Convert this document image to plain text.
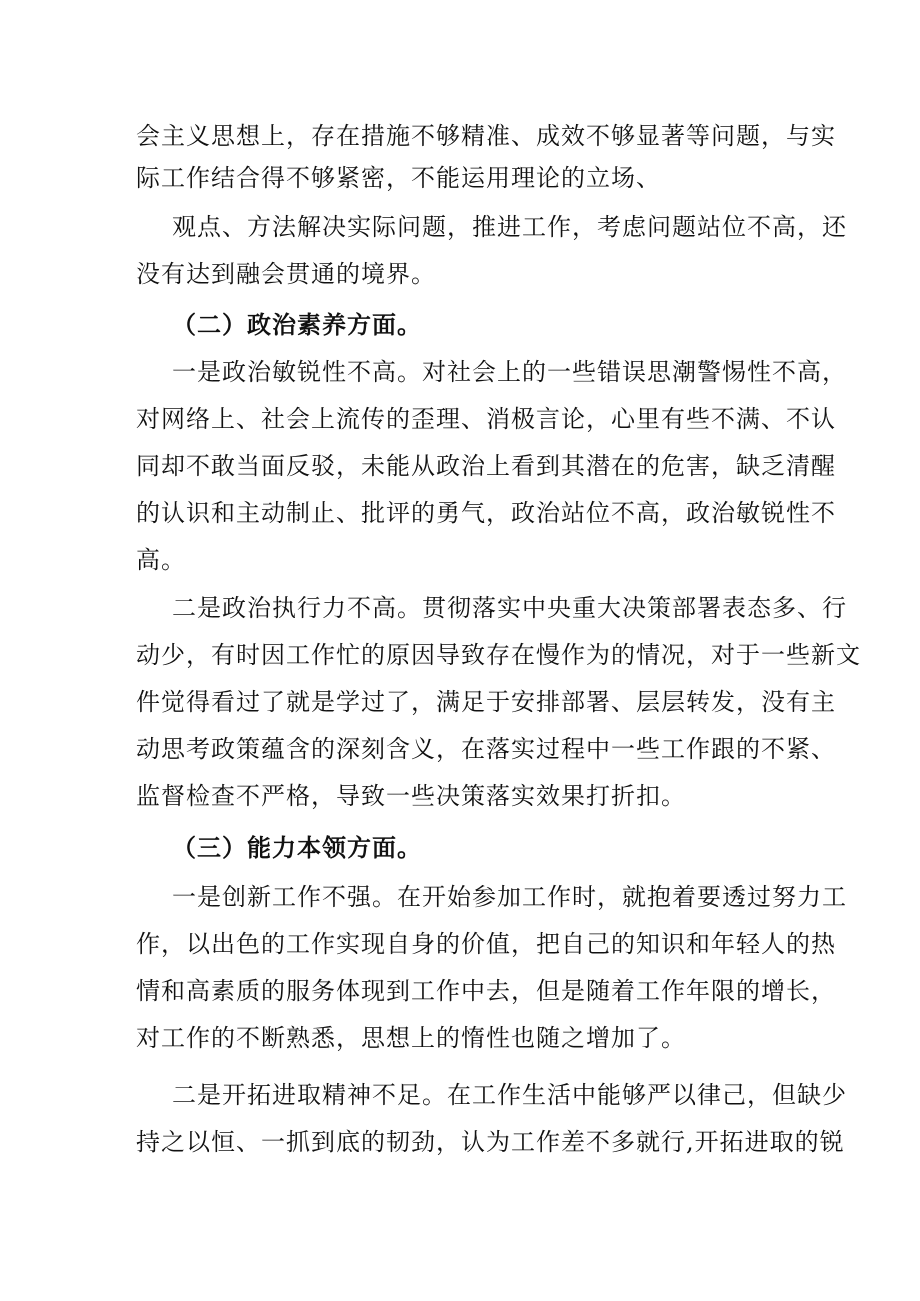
会主义思想上，存在措施不够精准、成效不够显著等问题，与实
际工作结合得不够紧密，不能运用理论的立场、
观点、方法解决实际问题，推进工作，考虑问题站位不高，还
没有达到融会贯通的境界。
（二）政治素养方面。
一是政治敏锐性不高。对社会上的一些错误思潮警惕性不高，
对网络上、社会上流传的歪理、消极言论，心里有些不满、不认
同却不敢当面反驳，未能从政治上看到其潜在的危害，缺乏清醒
的认识和主动制止、批评的勇气，政治站位不高，政治敏锐性不
高。
二是政治执行力不高。贯彻落实中央重大决策部署表态多、行
动少，有时因工作忙的原因导致存在慢作为的情况，对于一些新文
件觉得看过了就是学过了，满足于安排部署、层层转发，没有主
动思考政策蕴含的深刻含义，在落实过程中一些工作跟的不紧、
监督检查不严格，导致一些决策落实效果打折扣。
（三）能力本领方面。
一是创新工作不强。在开始参加工作时，就抱着要透过努力工
作，以出色的工作实现自身的价值，把自己的知识和年轻人的热
情和高素质的服务体现到工作中去，但是随着工作年限的增长，
对工作的不断熟悉，思想上的惰性也随之增加了。
二是开拓进取精神不足。在工作生活中能够严以律己，但缺少
持之以恒、一抓到底的韧劲，认为工作差不多就行,开拓进取的锐
